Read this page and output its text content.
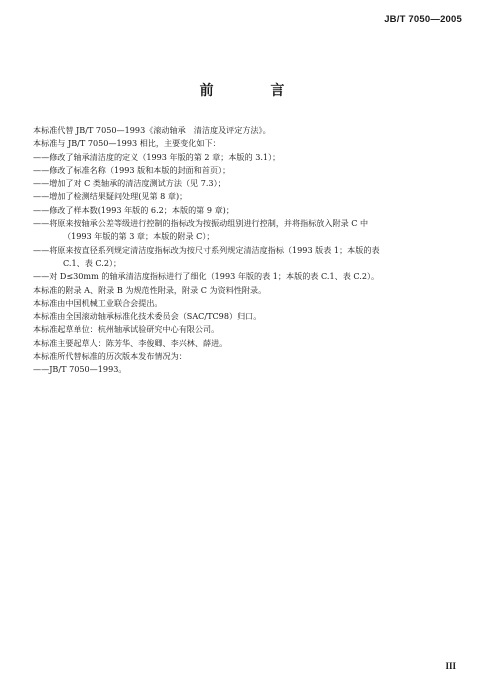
JB/T 7050—2005
前 言
本标准代替 JB/T 7050—1993《滚动轴承　清洁度及评定方法》。
本标准与 JB/T 7050—1993 相比，主要变化如下：
——修改了轴承清洁度的定义（1993 年版的第 2 章；本版的 3.1）；
——修改了标准名称（1993 版和本版的封面和首页）；
——增加了对 C 类轴承的清洁度测试方法（见 7.3）；
——增加了检测结果疑问处理(见第 8 章)；
——修改了样本数(1993 年版的 6.2；本版的第 9 章)；
——将原来按轴承公差等级进行控制的指标改为按振动组别进行控制，并将指标放入附录 C 中
（1993 年版的第 3 章；本版的附录 C）；
——将原来按直径系列规定清洁度指标改为按尺寸系列规定清洁度指标（1993 版表 1；本版的表
C.1、表 C.2）；
——对 D≤30mm 的轴承清洁度指标进行了细化（1993 年版的表 1；本版的表 C.1、表 C.2）。
本标准的附录 A、附录 B 为规范性附录，附录 C 为资料性附录。
本标准由中国机械工业联合会提出。
本标准由全国滚动轴承标准化技术委员会（SAC/TC98）归口。
本标准起草单位：杭州轴承试验研究中心有限公司。
本标准主要起草人：陈芳华、李俊卿、李兴林、薛进。
本标准所代替标准的历次版本发布情况为：
——JB/T 7050—1993。
III
